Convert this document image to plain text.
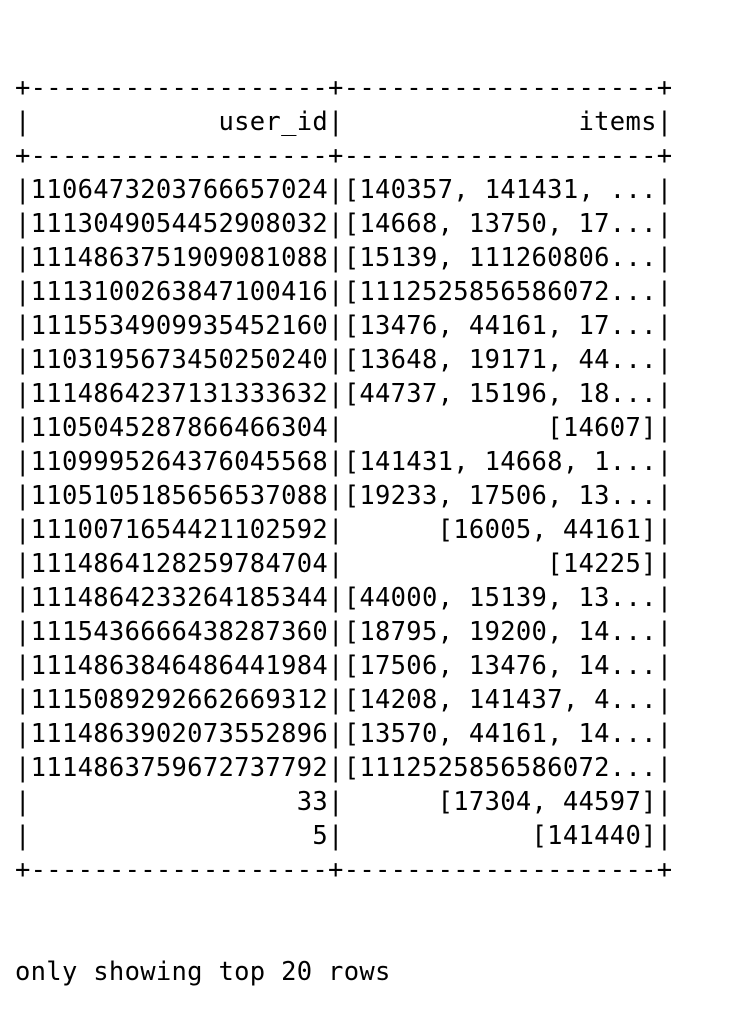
+-------------------+--------------------+
|            user_id|               items|
+-------------------+--------------------+
|1106473203766657024|[140357, 141431, ...|
|1113049054452908032|[14668, 13750, 17...|
|1114863751909081088|[15139, 111260806...|
|1113100263847100416|[1112525856586072...|
|1115534909935452160|[13476, 44161, 17...|
|1103195673450250240|[13648, 19171, 44...|
|1114864237131333632|[44737, 15196, 18...|
|1105045287866466304|             [14607]|
|1109995264376045568|[141431, 14668, 1...|
|1105105185656537088|[19233, 17506, 13...|
|1110071654421102592|      [16005, 44161]|
|1114864128259784704|             [14225]|
|1114864233264185344|[44000, 15139, 13...|
|1115436666438287360|[18795, 19200, 14...|
|1114863846486441984|[17506, 13476, 14...|
|1115089292662669312|[14208, 141437, 4...|
|1114863902073552896|[13570, 44161, 14...|
|1114863759672737792|[1112525856586072...|
|                 33|      [17304, 44597]|
|                  5|            [141440]|
+-------------------+--------------------+

only showing top 20 rows
